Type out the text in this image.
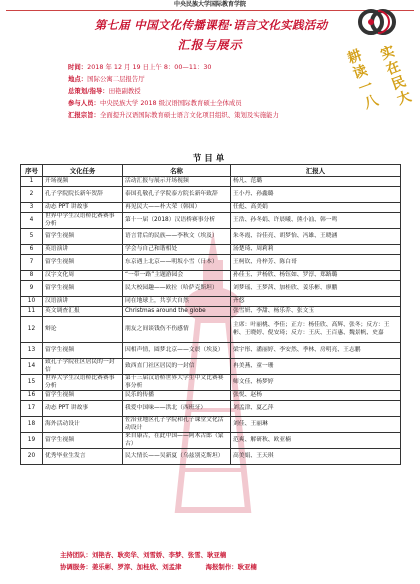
中央民族大学国际教育学院
第七届 中国文化传播课程·语言文化实践活动
汇报与展示
时间：2018 年 12 月 19 日上午 8：00—11：30
地点：国际公寓二层报告厅
总策划/指导：田艳副教授
参与人员：中央民族大学 2018 级汉语国际教育硕士全体成员
汇报宗旨：全面提升汉语国际教育硕士语言文化项目组织、策划及实施能力
耕读一八
实在民大
节目单
序号	文化任务	名称	汇报人
1	开场视频	活动汇报与展示开场视频	杨凡、范璐
2	孔子学院院长新年贺辞	泰国孔敬孔子学院泰方院长新年致辞	王小丹、孙鑫璐
3	动态 PPT 讲故事	再见民大——朴大荣（韩国）	任彪、高美娟
4	世界中学生汉语桥比赛赛事分析	第十一届（2018）汉语桥赛事分析	王浩、孙冬娟、许晨曦、熊小汕、韩一鸣
5	留学生视频	语言背后的民族——李秋文（埃及）	朱冬霞、谷佳亮、胡梦怡、冯雄、王晓涵
6	英语演讲	学会与自己和谐相处	汤楚琦、周莉莉
7	留学生视频	东京遇上北京——明坂小雪（日本）	王柯钦、舟梓芳、陈白哥
8	汉字文化周	“一带一路”主题游园会	孙佳玉、尹杨欣、杨钰如、罗淳、郑路璐
9	留学生视频	民大校园趣——欧拉（哈萨克斯坦）	刘梦瑶、王梦茜、加桂欣、姜乐彬、廖鹏
10	汉语演讲	同在地球上，共享大自然	齐悠
11	英文调查汇报	Christmas around the globe	张雪妍、李甜、杨乐乔、张文玉
12	辩论	朋友之间谈钱伤不伤感情	主席：叶丽桃、李佳；正方：杨佳欣、高辉、张冬；反方：王彬、王晓婷、倪安琦；反方：王庆、王百惠、魏景帆、史嘉
13	留学生视频	因相声情，圆梦北京——文晨（埃及）	梁宇彤、潘丽婷、李安然、季林、房明亮、王志鹏
14	致孔子学院社区居民的一封信	致西直门社区居民的一封信	冉美燕、童一珊
15	世界大学生汉语桥比赛赛事分析	第十三届汉语桥世界大学生中文比赛赛事分析	师文佳、杨梦婷
16	留学生视频	民乐的传播	张悦、赵杨
17	动态 PPT 讲故事	我爱中国味——洪北（西班牙）	刘孟津、夏乙萍
18	海外活动设计	佐治亚地区孔子学院和孔子课堂文化活动设计	刘佳、王丽琳
19	留学生视频	来自康古，在此中国——阿木古郎（蒙古）	范爽、解研秋、欧亚楠
20	优秀毕业生发言	民大情长——吴新夏（乌兹别克斯坦）	高美娟、王天琪
主持团队：刘艳杏、耿奕华、刘雪娇、李梦、张雪、耿亚楠
协调服务：姜乐彬、罗淳、加桂欣、刘孟津	海报制作：耿亚楠
